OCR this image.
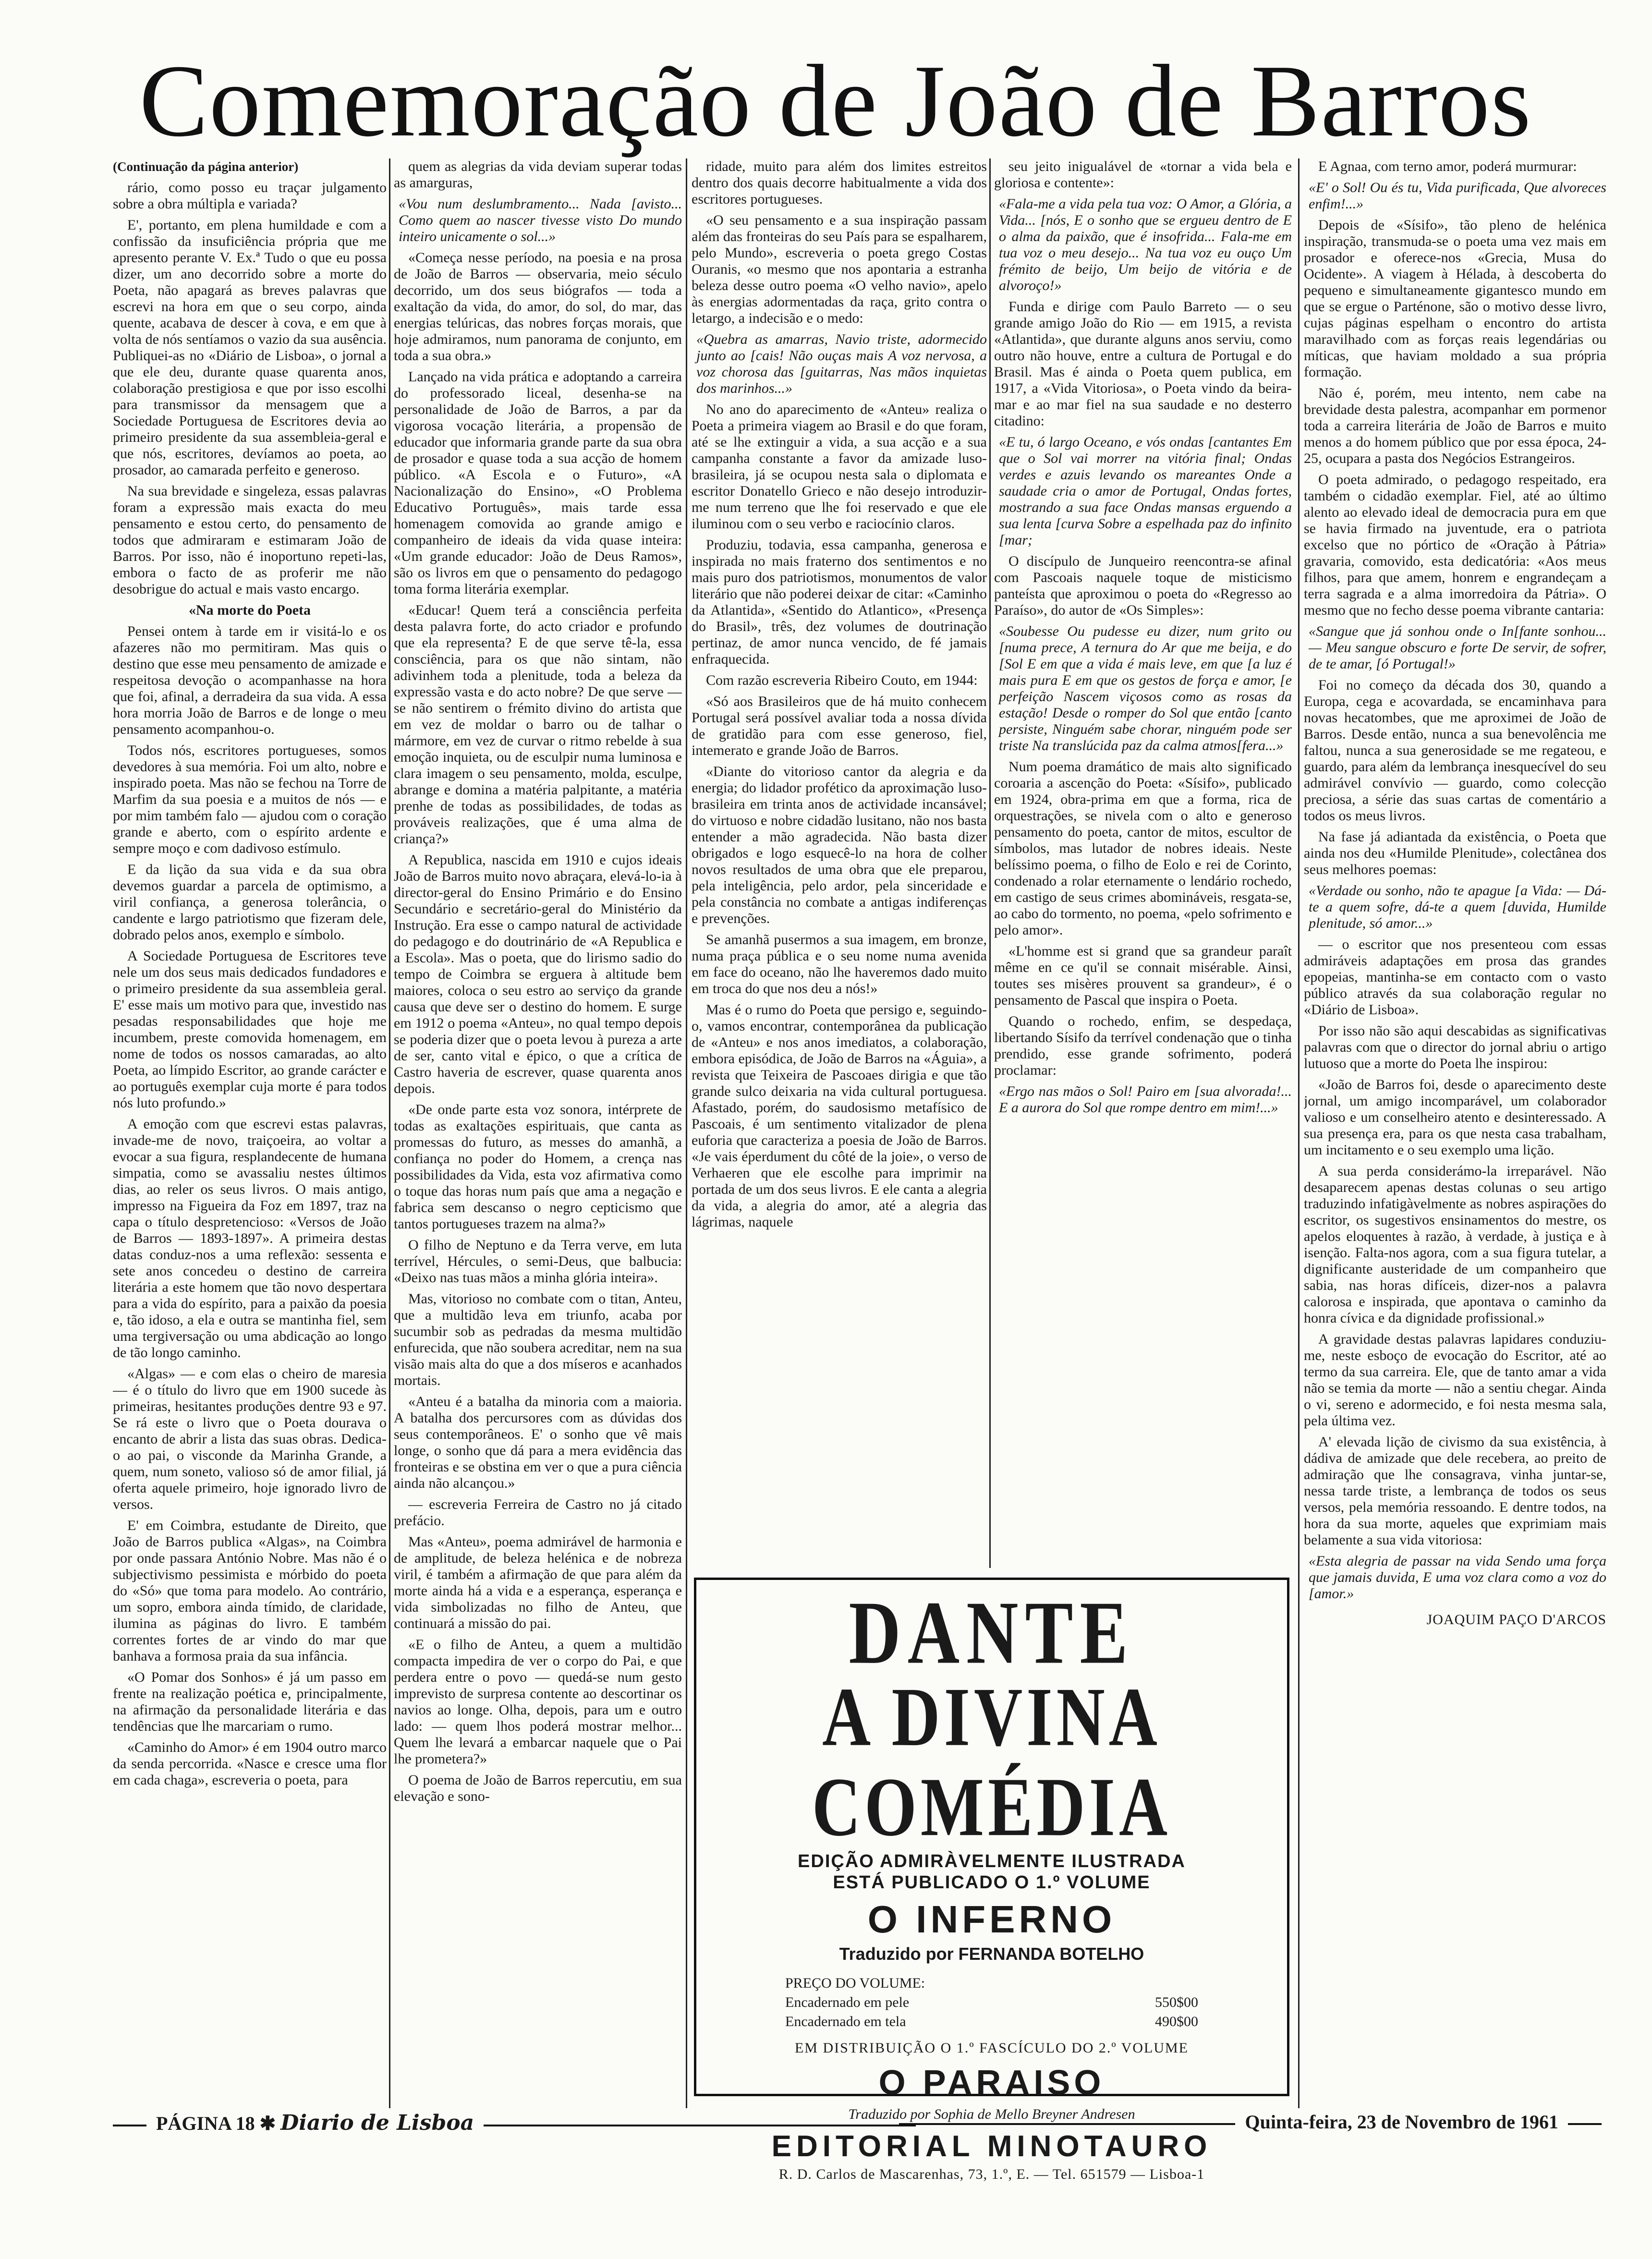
Comemoração de João de Barros

(Continuação da página anterior)

rário, como posso eu traçar julgamento sobre a obra múltipla e variada?

E', portanto, em plena humildade e com a confissão da insuficiência própria que me apresento perante V. Ex.ª Tudo o que eu possa dizer, um ano decorrido sobre a morte do Poeta, não apagará as breves palavras que escrevi na hora em que o seu corpo, ainda quente, acabava de descer à cova, e em que à volta de nós sentíamos o vazio da sua ausência. Publiquei-as no «Diário de Lisboa», o jornal a que ele deu, durante quase quarenta anos, colaboração prestigiosa e que por isso escolhi para transmissor da mensagem que a Sociedade Portuguesa de Escritores devia ao primeiro presidente da sua assembleia-geral e que nós, escritores, devíamos ao poeta, ao prosador, ao camarada perfeito e generoso.

Na sua brevidade e singeleza, essas palavras foram a expressão mais exacta do meu pensamento e estou certo, do pensamento de todos que admiraram e estimaram João de Barros. Por isso, não é inoportuno repeti-las, embora o facto de as proferir me não desobrigue do actual e mais vasto encargo.

«Na morte do Poeta

Pensei ontem à tarde em ir visitá-lo e os afazeres não mo permitiram. Mas quis o destino que esse meu pensamento de amizade e respeitosa devoção o acompanhasse na hora que foi, afinal, a derradeira da sua vida. A essa hora morria João de Barros e de longe o meu pensamento acompanhou-o.

Todos nós, escritores portugueses, somos devedores à sua memória. Foi um alto, nobre e inspirado poeta. Mas não se fechou na Torre de Marfim da sua poesia e a muitos de nós — e por mim também falo — ajudou com o coração grande e aberto, com o espírito ardente e sempre moço e com dadivoso estímulo.

E da lição da sua vida e da sua obra devemos guardar a parcela de optimismo, a viril confiança, a generosa tolerância, o candente e largo patriotismo que fizeram dele, dobrado pelos anos, exemplo e símbolo.

A Sociedade Portuguesa de Escritores teve nele um dos seus mais dedicados fundadores e o primeiro presidente da sua assembleia geral. E' esse mais um motivo para que, investido nas pesadas responsabilidades que hoje me incumbem, preste comovida homenagem, em nome de todos os nossos camaradas, ao alto Poeta, ao límpido Escritor, ao grande carácter e ao português exemplar cuja morte é para todos nós luto profundo.»

A emoção com que escrevi estas palavras, invade-me de novo, traiçoeira, ao voltar a evocar a sua figura, resplandecente de humana simpatia, como se avassaliu nestes últimos dias, ao reler os seus livros. O mais antigo, impresso na Figueira da Foz em 1897, traz na capa o título despretencioso: «Versos de João de Barros — 1893-1897». A primeira destas datas conduz-nos a uma reflexão: sessenta e sete anos concedeu o destino de carreira literária a este homem que tão novo despertara para a vida do espírito, para a paixão da poesia e, tão idoso, a ela e outra se mantinha fiel, sem uma tergiversação ou uma abdicação ao longo de tão longo caminho.

«Algas» — e com elas o cheiro de maresia — é o título do livro que em 1900 sucede às primeiras, hesitantes produções dentre 93 e 97. Se rá este o livro que o Poeta dourava o encanto de abrir a lista das suas obras. Dedica-o ao pai, o visconde da Marinha Grande, a quem, num soneto, valioso só de amor filial, já oferta aquele primeiro, hoje ignorado livro de versos.

E' em Coimbra, estudante de Direito, que João de Barros publica «Algas», na Coimbra por onde passara António Nobre. Mas não é o subjectivismo pessimista e mórbido do poeta do «Só» que toma para modelo. Ao contrário, um sopro, embora ainda tímido, de claridade, ilumina as páginas do livro. E também correntes fortes de ar vindo do mar que banhava a formosa praia da sua infância.

«O Pomar dos Sonhos» é já um passo em frente na realização poética e, principalmente, na afirmação da personalidade literária e das tendências que lhe marcariam o rumo.

«Caminho do Amor» é em 1904 outro marco da senda percorrida. «Nasce e cresce uma flor em cada chaga», escreveria o poeta, para

quem as alegrias da vida deviam superar todas as amarguras,

«Vou num deslumbramento... Nada [avisto... Como quem ao nascer tivesse visto Do mundo inteiro unicamente o sol...»

«Começa nesse período, na poesia e na prosa de João de Barros — observaria, meio século decorrido, um dos seus biógrafos — toda a exaltação da vida, do amor, do sol, do mar, das energias telúricas, das nobres forças morais, que hoje admiramos, num panorama de conjunto, em toda a sua obra.»

Lançado na vida prática e adoptando a carreira do professorado liceal, desenha-se na personalidade de João de Barros, a par da vigorosa vocação literária, a propensão de educador que informaria grande parte da sua obra de prosador e quase toda a sua acção de homem público. «A Escola e o Futuro», «A Nacionalização do Ensino», «O Problema Educativo Português», mais tarde essa homenagem comovida ao grande amigo e companheiro de ideais da vida quase inteira: «Um grande educador: João de Deus Ramos», são os livros em que o pensamento do pedagogo toma forma literária exemplar.

«Educar! Quem terá a consciência perfeita desta palavra forte, do acto criador e profundo que ela representa? E de que serve tê-la, essa consciência, para os que não sintam, não adivinhem toda a plenitude, toda a beleza da expressão vasta e do acto nobre? De que serve — se não sentirem o frémito divino do artista que em vez de moldar o barro ou de talhar o mármore, em vez de curvar o ritmo rebelde à sua emoção inquieta, ou de esculpir numa luminosa e clara imagem o seu pensamento, molda, esculpe, abrange e domina a matéria palpitante, a matéria prenhe de todas as possibilidades, de todas as prováveis realizações, que é uma alma de criança?»

A Republica, nascida em 1910 e cujos ideais João de Barros muito novo abraçara, elevá-lo-ia à director-geral do Ensino Primário e do Ensino Secundário e secretário-geral do Ministério da Instrução. Era esse o campo natural de actividade do pedagogo e do doutrinário de «A Republica e a Escola». Mas o poeta, que do lirismo sadio do tempo de Coimbra se erguera à altitude bem maiores, coloca o seu estro ao serviço da grande causa que deve ser o destino do homem. E surge em 1912 o poema «Anteu», no qual tempo depois se poderia dizer que o poeta levou à pureza a arte de ser, canto vital e épico, o que a crítica de Castro haveria de escrever, quase quarenta anos depois.

«De onde parte esta voz sonora, intérprete de todas as exaltações espirituais, que canta as promessas do futuro, as messes do amanhã, a confiança no poder do Homem, a crença nas possibilidades da Vida, esta voz afirmativa como o toque das horas num país que ama a negação e fabrica sem descanso o negro cepticismo que tantos portugueses trazem na alma?»

O filho de Neptuno e da Terra verve, em luta terrível, Hércules, o semi-Deus, que balbucia: «Deixo nas tuas mãos a minha glória inteira».

Mas, vitorioso no combate com o titan, Anteu, que a multidão leva em triunfo, acaba por sucumbir sob as pedradas da mesma multidão enfurecida, que não soubera acreditar, nem na sua visão mais alta do que a dos míseros e acanhados mortais.

«Anteu é a batalha da minoria com a maioria. A batalha dos percursores com as dúvidas dos seus contemporâneos. E' o sonho que vê mais longe, o sonho que dá para a mera evidência das fronteiras e se obstina em ver o que a pura ciência ainda não alcançou.»

— escreveria Ferreira de Castro no já citado prefácio.

Mas «Anteu», poema admirável de harmonia e de amplitude, de beleza helénica e de nobreza viril, é também a afirmação de que para além da morte ainda há a vida e a esperança, esperança e vida simbolizadas no filho de Anteu, que continuará a missão do pai.

«E o filho de Anteu, a quem a multidão compacta impedira de ver o corpo do Pai, e que perdera entre o povo — quedá-se num gesto imprevisto de surpresa contente ao descortinar os navios ao longe. Olha, depois, para um e outro lado: — quem lhos poderá mostrar melhor... Quem lhe levará a embarcar naquele que o Pai lhe prometera?»

O poema de João de Barros repercutiu, em sua elevação e sono-

ridade, muito para além dos limites estreitos dentro dos quais decorre habitualmente a vida dos escritores portugueses.

«O seu pensamento e a sua inspiração passam além das fronteiras do seu País para se espalharem, pelo Mundo», escreveria o poeta grego Costas Ouranis, «o mesmo que nos apontaria a estranha beleza desse outro poema «O velho navio», apelo às energias adormentadas da raça, grito contra o letargo, a indecisão e o medo:

«Quebra as amarras, Navio triste, adormecido junto ao [cais! Não ouças mais A voz nervosa, a voz chorosa das [guitarras, Nas mãos inquietas dos marinhos...»

No ano do aparecimento de «Anteu» realiza o Poeta a primeira viagem ao Brasil e do que foram, até se lhe extinguir a vida, a sua acção e a sua campanha constante a favor da amizade luso-brasileira, já se ocupou nesta sala o diplomata e escritor Donatello Grieco e não desejo introduzir-me num terreno que lhe foi reservado e que ele iluminou com o seu verbo e raciocínio claros.

Produziu, todavia, essa campanha, generosa e inspirada no mais fraterno dos sentimentos e no mais puro dos patriotismos, monumentos de valor literário que não poderei deixar de citar: «Caminho da Atlantida», «Sentido do Atlantico», «Presença do Brasil», três, dez volumes de doutrinação pertinaz, de amor nunca vencido, de fé jamais enfraquecida.

Com razão escreveria Ribeiro Couto, em 1944:

«Só aos Brasileiros que de há muito conhecem Portugal será possível avaliar toda a nossa dívida de gratidão para com esse generoso, fiel, intemerato e grande João de Barros.

«Diante do vitorioso cantor da alegria e da energia; do lidador profético da aproximação luso-brasileira em trinta anos de actividade incansável; do virtuoso e nobre cidadão lusitano, não nos basta entender a mão agradecida. Não basta dizer obrigados e logo esquecê-lo na hora de colher novos resultados de uma obra que ele preparou, pela inteligência, pelo ardor, pela sinceridade e pela constância no combate a antigas indiferenças e prevenções.

Se amanhã pusermos a sua imagem, em bronze, numa praça pública e o seu nome numa avenida em face do oceano, não lhe haveremos dado muito em troca do que nos deu a nós!»

Mas é o rumo do Poeta que persigo e, seguindo-o, vamos encontrar, contemporânea da publicação de «Anteu» e nos anos imediatos, a colaboração, embora episódica, de João de Barros na «Águia», a revista que Teixeira de Pascoaes dirigia e que tão grande sulco deixaria na vida cultural portuguesa. Afastado, porém, do saudosismo metafísico de Pascoais, é um sentimento vitalizador de plena euforia que caracteriza a poesia de João de Barros. «Je vais éperdument du côté de la joie», o verso de Verhaeren que ele escolhe para imprimir na portada de um dos seus livros. E ele canta a alegria da vida, a alegria do amor, até a alegria das lágrimas, naquele

seu jeito inigualável de «tornar a vida bela e gloriosa e contente»:

«Fala-me a vida pela tua voz: O Amor, a Glória, a Vida... [nós, E o sonho que se ergueu dentro de E o alma da paixão, que é insofrida... Fala-me em tua voz o meu desejo... Na tua voz eu ouço Um frémito de beijo, Um beijo de vitória e de alvoroço!»

Funda e dirige com Paulo Barreto — o seu grande amigo João do Rio — em 1915, a revista «Atlantida», que durante alguns anos serviu, como outro não houve, entre a cultura de Portugal e do Brasil. Mas é ainda o Poeta quem publica, em 1917, a «Vida Vitoriosa», o Poeta vindo da beira-mar e ao mar fiel na sua saudade e no desterro citadino:

«E tu, ó largo Oceano, e vós ondas [cantantes Em que o Sol vai morrer na vitória final; Ondas verdes e azuis levando os mareantes Onde a saudade cria o amor de Portugal, Ondas fortes, mostrando a sua face Ondas mansas erguendo a sua lenta [curva Sobre a espelhada paz do infinito [mar;

O discípulo de Junqueiro reencontra-se afinal com Pascoais naquele toque de misticismo panteísta que aproximou o poeta do «Regresso ao Paraíso», do autor de «Os Simples»:

«Soubesse Ou pudesse eu dizer, num grito ou [numa prece, A ternura do Ar que me beija, e do [Sol E em que a vida é mais leve, em que [a luz é mais pura E em que os gestos de força e amor, [e perfeição Nascem viçosos como as rosas da estação! Desde o romper do Sol que então [canto persiste, Ninguém sabe chorar, ninguém pode ser triste Na translúcida paz da calma atmos[fera...»

Num poema dramático de mais alto significado coroaria a ascenção do Poeta: «Sísifo», publicado em 1924, obra-prima em que a forma, rica de orquestrações, se nivela com o alto e generoso pensamento do poeta, cantor de mitos, escultor de símbolos, mas lutador de nobres ideais. Neste belíssimo poema, o filho de Eolo e rei de Corinto, condenado a rolar eternamente o lendário rochedo, em castigo de seus crimes abomináveis, resgata-se, ao cabo do tormento, no poema, «pelo sofrimento e pelo amor».

«L'homme est si grand que sa grandeur paraît même en ce qu'il se connait misérable. Ainsi, toutes ses misères prouvent sa grandeur», é o pensamento de Pascal que inspira o Poeta.

Quando o rochedo, enfim, se despedaça, libertando Sísifo da terrível condenação que o tinha prendido, esse grande sofrimento, poderá proclamar:

«Ergo nas mãos o Sol! Pairo em [sua alvorada!... E a aurora do Sol que rompe dentro em mim!...»

E Agnaa, com terno amor, poderá murmurar:

«E' o Sol! Ou és tu, Vida purificada, Que alvoreces enfim!...»

Depois de «Sísifo», tão pleno de helénica inspiração, transmuda-se o poeta uma vez mais em prosador e oferece-nos «Grecia, Musa do Ocidente». A viagem à Hélada, à descoberta do pequeno e simultaneamente gigantesco mundo em que se ergue o Parténone, são o motivo desse livro, cujas páginas espelham o encontro do artista maravilhado com as forças reais legendárias ou míticas, que haviam moldado a sua própria formação.

Não é, porém, meu intento, nem cabe na brevidade desta palestra, acompanhar em pormenor toda a carreira literária de João de Barros e muito menos a do homem público que por essa época, 24-25, ocupara a pasta dos Negócios Estrangeiros.

O poeta admirado, o pedagogo respeitado, era também o cidadão exemplar. Fiel, até ao último alento ao elevado ideal de democracia pura em que se havia firmado na juventude, era o patriota excelso que no pórtico de «Oração à Pátria» gravaria, comovido, esta dedicatória: «Aos meus filhos, para que amem, honrem e engrandeçam a terra sagrada e a alma imorredoira da Pátria». O mesmo que no fecho desse poema vibrante cantaria:

«Sangue que já sonhou onde o In[fante sonhou... — Meu sangue obscuro e forte De servir, de sofrer, de te amar, [ó Portugal!»

Foi no começo da década dos 30, quando a Europa, cega e acovardada, se encaminhava para novas hecatombes, que me aproximei de João de Barros. Desde então, nunca a sua benevolência me faltou, nunca a sua generosidade se me regateou, e guardo, para além da lembrança inesquecível do seu admirável convívio — guardo, como colecção preciosa, a série das suas cartas de comentário a todos os meus livros.

Na fase já adiantada da existência, o Poeta que ainda nos deu «Humilde Plenitude», colectânea dos seus melhores poemas:

«Verdade ou sonho, não te apague [a Vida: — Dá-te a quem sofre, dá-te a quem [duvida, Humilde plenitude, só amor...»

— o escritor que nos presenteou com essas admiráveis adaptações em prosa das grandes epopeias, mantinha-se em contacto com o vasto público através da sua colaboração regular no «Diário de Lisboa».

Por isso não são aqui descabidas as significativas palavras com que o director do jornal abriu o artigo lutuoso que a morte do Poeta lhe inspirou:

«João de Barros foi, desde o aparecimento deste jornal, um amigo incomparável, um colaborador valioso e um conselheiro atento e desinteressado. A sua presença era, para os que nesta casa trabalham, um incitamento e o seu exemplo uma lição.

A sua perda considerámo-la irreparável. Não desaparecem apenas destas colunas o seu artigo traduzindo infatigàvelmente as nobres aspirações do escritor, os sugestivos ensinamentos do mestre, os apelos eloquentes à razão, à verdade, à justiça e à isenção. Falta-nos agora, com a sua figura tutelar, a dignificante austeridade de um companheiro que sabia, nas horas difíceis, dizer-nos a palavra calorosa e inspirada, que apontava o caminho da honra cívica e da dignidade profissional.»

A gravidade destas palavras lapidares conduziu-me, neste esboço de evocação do Escritor, até ao termo da sua carreira. Ele, que de tanto amar a vida não se temia da morte — não a sentiu chegar. Ainda o vi, sereno e adormecido, e foi nesta mesma sala, pela última vez.

A' elevada lição de civismo da sua existência, à dádiva de amizade que dele recebera, ao preito de admiração que lhe consagrava, vinha juntar-se, nessa tarde triste, a lembrança de todos os seus versos, pela memória ressoando. E dentre todos, na hora da sua morte, aqueles que exprimiam mais belamente a sua vida vitoriosa:

«Esta alegria de passar na vida Sendo uma força que jamais duvida, E uma voz clara como a voz do [amor.»

JOAQUIM PAÇO D'ARCOS

DANTE
A DIVINA COMÉDIA
EDIÇÃO ADMIRÀVELMENTE ILUSTRADA
ESTÁ PUBLICADO O 1.º VOLUME
O INFERNO
Traduzido por FERNANDA BOTELHO
PREÇO DO VOLUME:
Encadernado em pele	550$00
Encadernado em tela	490$00
EM DISTRIBUIÇÃO O 1.º FASCÍCULO DO 2.º VOLUME
O PARAISO
Traduzido por Sophia de Mello Breyner Andresen
EDITORIAL MINOTAURO
R. D. Carlos de Mascarenhas, 73, 1.º, E. — Tel. 651579 — Lisboa-1
PÁGINA 18 ✱ Diario de Lisboa	Quinta-feira, 23 de Novembro de 1961
